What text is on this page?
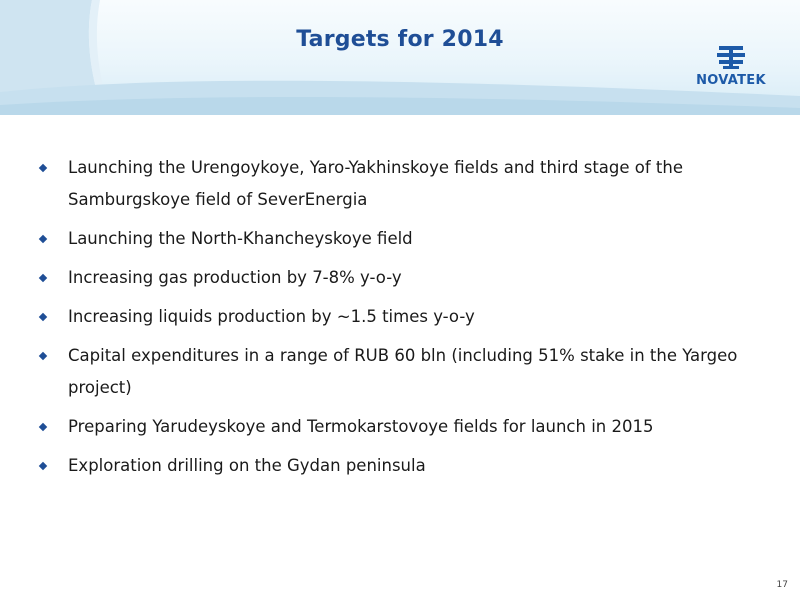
Targets for 2014
NOVATEK
Launching the Urengoykoye, Yaro-Yakhinskoye fields and third stage of the Samburgskoye field of SeverEnergia
Launching the North-Khancheyskoye field
Increasing gas production by 7-8% y-o-y
Increasing liquids production by ~1.5 times y-o-y
Capital expenditures in a range of RUB 60 bln (including 51% stake in the Yargeo project)
Preparing Yarudeyskoye and Termokarstovoye fields for launch in 2015
Exploration drilling on the Gydan peninsula
17
